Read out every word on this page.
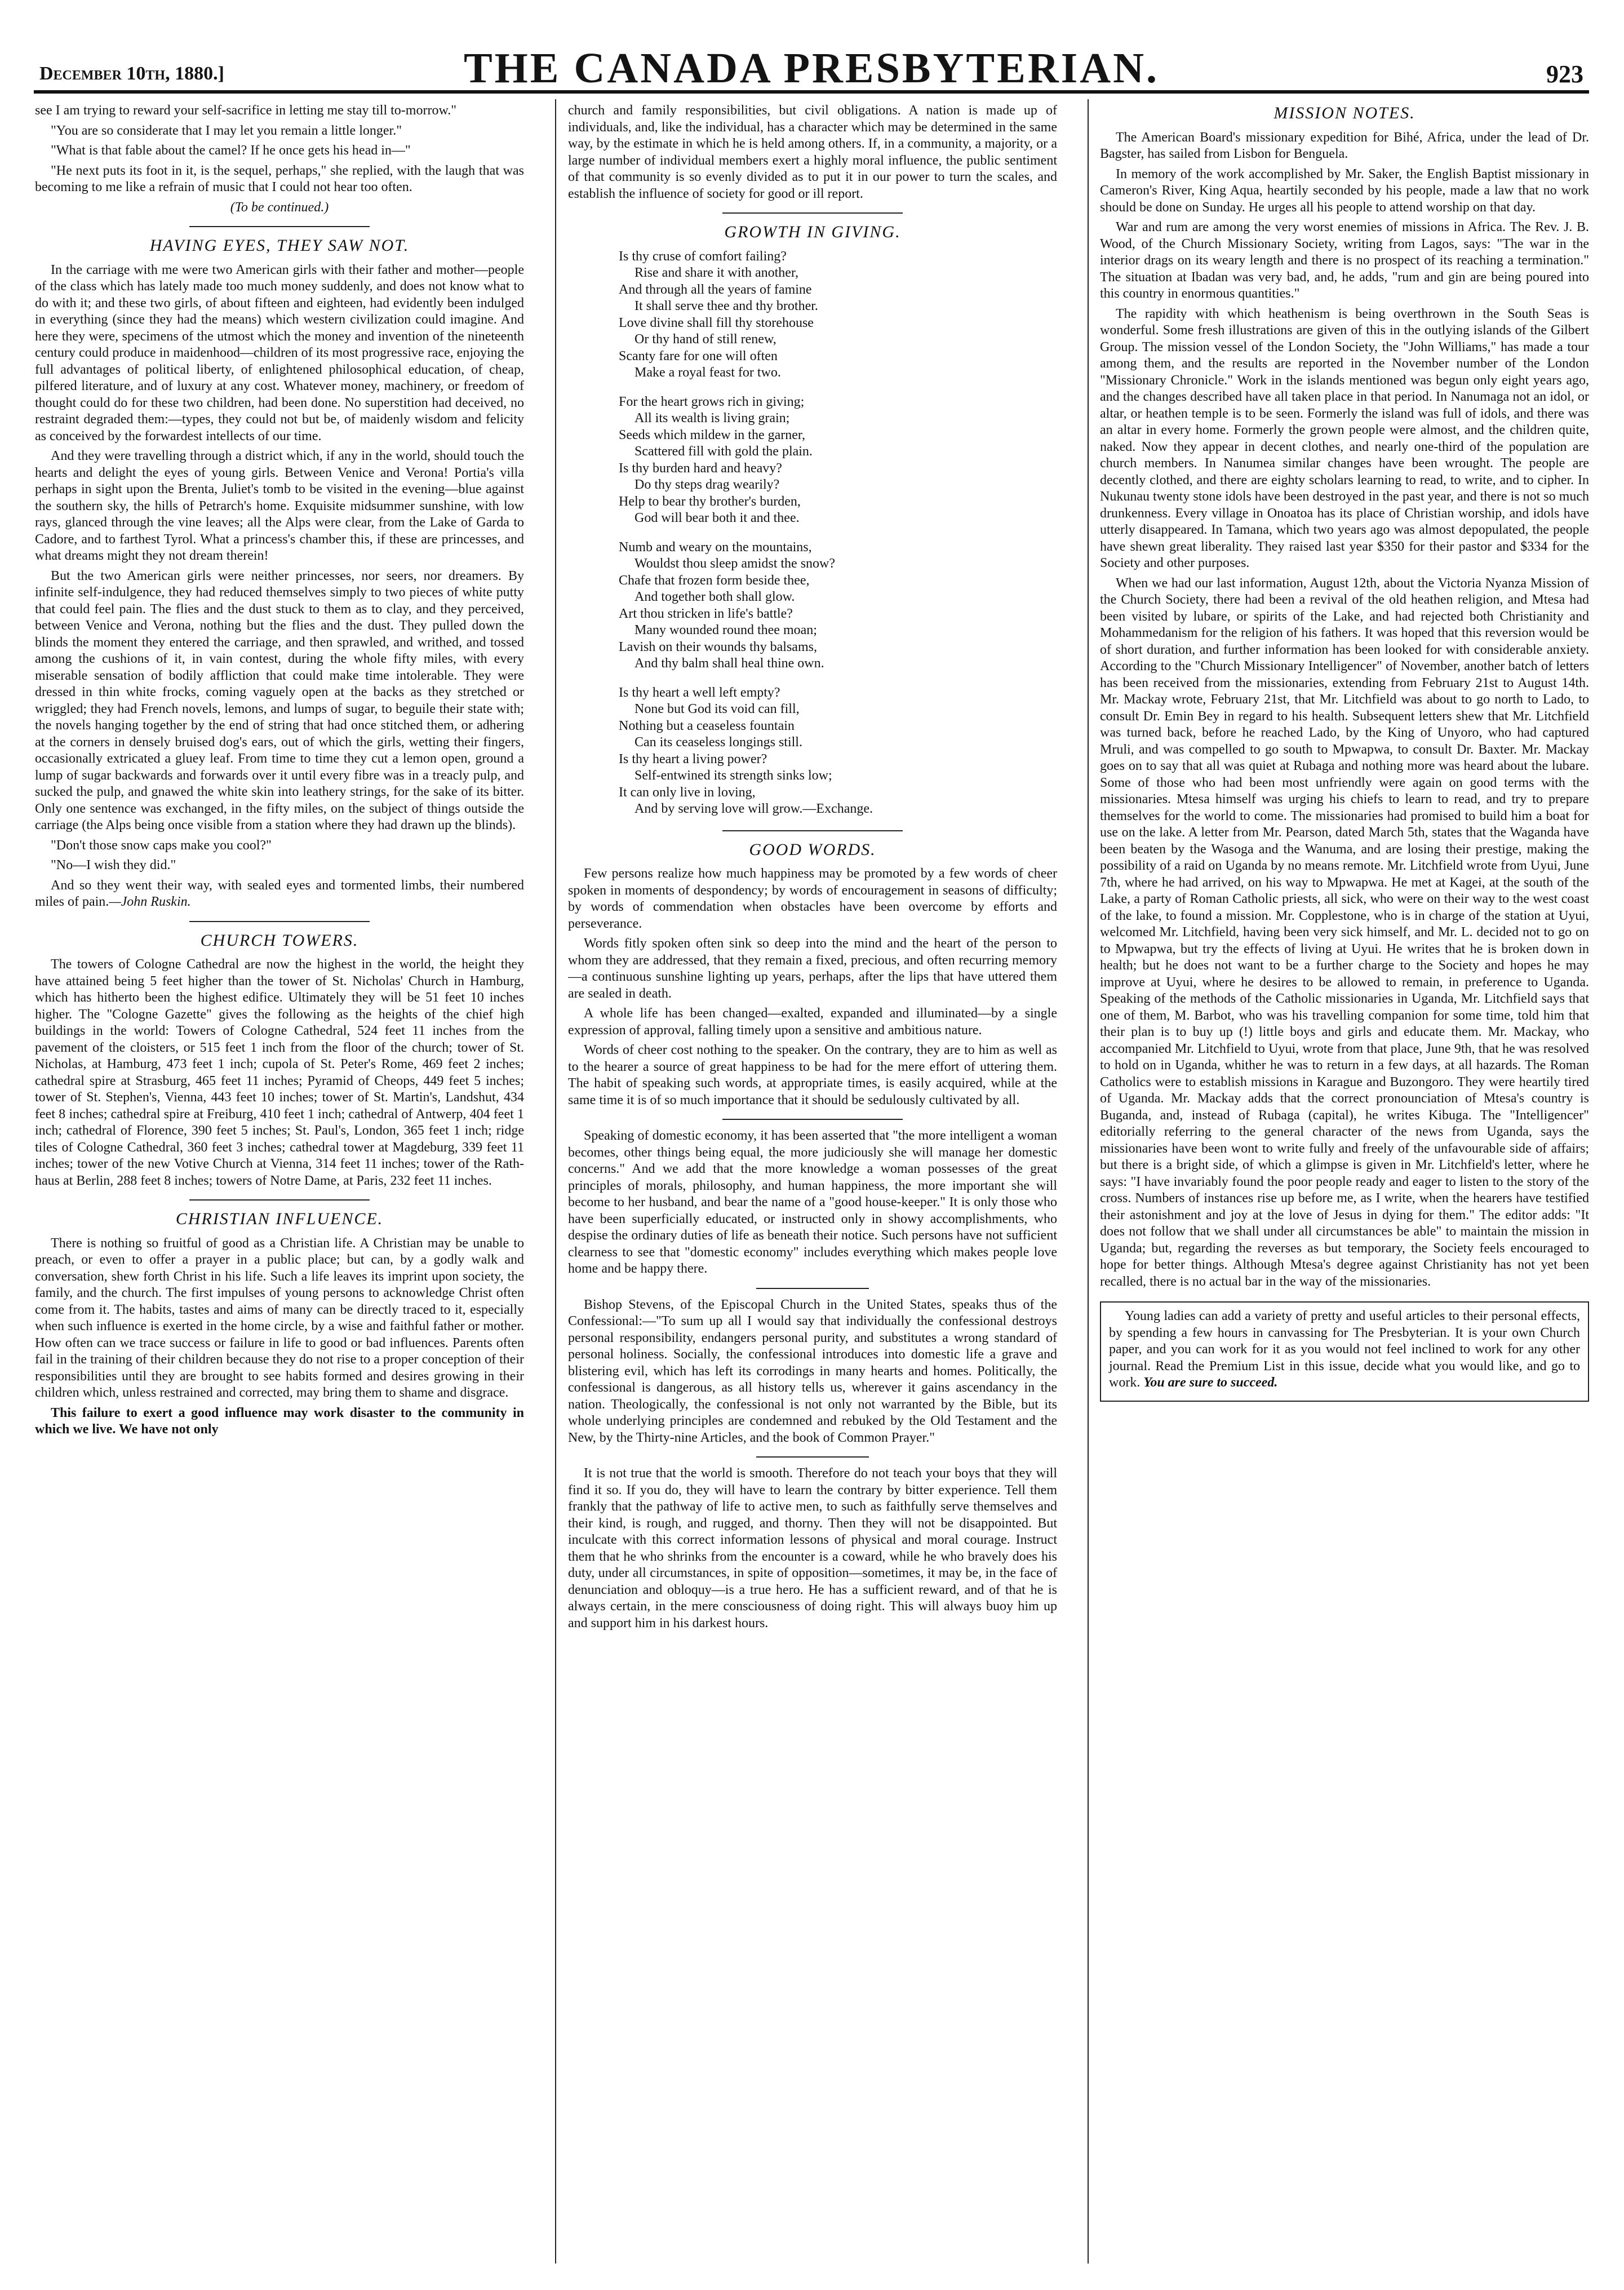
December 10th, 1880.]	THE CANADA PRESBYTERIAN.	923

see I am trying to reward your self-sacrifice in letting me stay till to-morrow."

"You are so considerate that I may let you remain a little longer."

"What is that fable about the camel? If he once gets his head in—"

"He next puts its foot in it, is the sequel, perhaps," she replied, with the laugh that was becoming to me like a refrain of music that I could not hear too often.

(To be continued.)
HAVING EYES, THEY SAW NOT.

In the carriage with me were two American girls with their father and mother—people of the class which has lately made too much money suddenly, and does not know what to do with it; and these two girls, of about fifteen and eighteen, had evidently been indulged in everything (since they had the means) which western civilization could imagine. And here they were, specimens of the utmost which the money and invention of the nineteenth century could produce in maidenhood—children of its most progressive race, enjoying the full advantages of political liberty, of enlightened philosophical education, of cheap, pilfered literature, and of luxury at any cost. Whatever money, machinery, or freedom of thought could do for these two children, had been done. No superstition had deceived, no restraint degraded them:—types, they could not but be, of maidenly wisdom and felicity as conceived by the forwardest intellects of our time.

And they were travelling through a district which, if any in the world, should touch the hearts and delight the eyes of young girls. Between Venice and Verona! Portia's villa perhaps in sight upon the Brenta, Juliet's tomb to be visited in the evening—blue against the southern sky, the hills of Petrarch's home. Exquisite midsummer sunshine, with low rays, glanced through the vine leaves; all the Alps were clear, from the Lake of Garda to Cadore, and to farthest Tyrol. What a princess's chamber this, if these are princesses, and what dreams might they not dream therein!

But the two American girls were neither princesses, nor seers, nor dreamers. By infinite self-indulgence, they had reduced themselves simply to two pieces of white putty that could feel pain. The flies and the dust stuck to them as to clay, and they perceived, between Venice and Verona, nothing but the flies and the dust. They pulled down the blinds the moment they entered the carriage, and then sprawled, and writhed, and tossed among the cushions of it, in vain contest, during the whole fifty miles, with every miserable sensation of bodily affliction that could make time intolerable. They were dressed in thin white frocks, coming vaguely open at the backs as they stretched or wriggled; they had French novels, lemons, and lumps of sugar, to beguile their state with; the novels hanging together by the end of string that had once stitched them, or adhering at the corners in densely bruised dog's ears, out of which the girls, wetting their fingers, occasionally extricated a gluey leaf. From time to time they cut a lemon open, ground a lump of sugar backwards and forwards over it until every fibre was in a treacly pulp, and sucked the pulp, and gnawed the white skin into leathery strings, for the sake of its bitter. Only one sentence was exchanged, in the fifty miles, on the subject of things outside the carriage (the Alps being once visible from a station where they had drawn up the blinds).

"Don't those snow caps make you cool?"

"No—I wish they did."

And so they went their way, with sealed eyes and tormented limbs, their numbered miles of pain.—John Ruskin.

CHURCH TOWERS.

The towers of Cologne Cathedral are now the highest in the world, the height they have attained being 5 feet higher than the tower of St. Nicholas' Church in Hamburg, which has hitherto been the highest edifice. Ultimately they will be 51 feet 10 inches higher. The "Cologne Gazette" gives the following as the heights of the chief high buildings in the world: Towers of Cologne Cathedral, 524 feet 11 inches from the pavement of the cloisters, or 515 feet 1 inch from the floor of the church; tower of St. Nicholas, at Hamburg, 473 feet 1 inch; cupola of St. Peter's Rome, 469 feet 2 inches; cathedral spire at Strasburg, 465 feet 11 inches; Pyramid of Cheops, 449 feet 5 inches; tower of St. Stephen's, Vienna, 443 feet 10 inches; tower of St. Martin's, Landshut, 434 feet 8 inches; cathedral spire at Freiburg, 410 feet 1 inch; cathedral of Antwerp, 404 feet 1 inch; cathedral of Florence, 390 feet 5 inches; St. Paul's, London, 365 feet 1 inch; ridge tiles of Cologne Cathedral, 360 feet 3 inches; cathedral tower at Magdeburg, 339 feet 11 inches; tower of the new Votive Church at Vienna, 314 feet 11 inches; tower of the Rath-haus at Berlin, 288 feet 8 inches; towers of Notre Dame, at Paris, 232 feet 11 inches.

CHRISTIAN INFLUENCE.

There is nothing so fruitful of good as a Christian life. A Christian may be unable to preach, or even to offer a prayer in a public place; but can, by a godly walk and conversation, shew forth Christ in his life. Such a life leaves its imprint upon society, the family, and the church. The first impulses of young persons to acknowledge Christ often come from it. The habits, tastes and aims of many can be directly traced to it, especially when such influence is exerted in the home circle, by a wise and faithful father or mother. How often can we trace success or failure in life to good or bad influences. Parents often fail in the training of their children because they do not rise to a proper conception of their responsibilities until they are brought to see habits formed and desires growing in their children which, unless restrained and corrected, may bring them to shame and disgrace.

This failure to exert a good influence may work disaster to the community in which we live. We have not only

church and family responsibilities, but civil obligations. A nation is made up of individuals, and, like the individual, has a character which may be determined in the same way, by the estimate in which he is held among others. If, in a community, a majority, or a large number of individual members exert a highly moral influence, the public sentiment of that community is so evenly divided as to put it in our power to turn the scales, and establish the influence of society for good or ill report.

GROWTH IN GIVING.
Is thy cruse of comfort failing?
Rise and share it with another,
And through all the years of famine
It shall serve thee and thy brother.
Love divine shall fill thy storehouse
Or thy hand of still renew,
Scanty fare for one will often
Make a royal feast for two.
For the heart grows rich in giving;
All its wealth is living grain;
Seeds which mildew in the garner,
Scattered fill with gold the plain.
Is thy burden hard and heavy?
Do thy steps drag wearily?
Help to bear thy brother's burden,
God will bear both it and thee.
Numb and weary on the mountains,
Wouldst thou sleep amidst the snow?
Chafe that frozen form beside thee,
And together both shall glow.
Art thou stricken in life's battle?
Many wounded round thee moan;
Lavish on their wounds thy balsams,
And thy balm shall heal thine own.
Is thy heart a well left empty?
None but God its void can fill,
Nothing but a ceaseless fountain
Can its ceaseless longings still.
Is thy heart a living power?
Self-entwined its strength sinks low;
It can only live in loving,
And by serving love will grow.—Exchange.
GOOD WORDS.

Few persons realize how much happiness may be promoted by a few words of cheer spoken in moments of despondency; by words of encouragement in seasons of difficulty; by words of commendation when obstacles have been overcome by efforts and perseverance.

Words fitly spoken often sink so deep into the mind and the heart of the person to whom they are addressed, that they remain a fixed, precious, and often recurring memory—a continuous sunshine lighting up years, perhaps, after the lips that have uttered them are sealed in death.

A whole life has been changed—exalted, expanded and illuminated—by a single expression of approval, falling timely upon a sensitive and ambitious nature.

Words of cheer cost nothing to the speaker. On the contrary, they are to him as well as to the hearer a source of great happiness to be had for the mere effort of uttering them. The habit of speaking such words, at appropriate times, is easily acquired, while at the same time it is of so much importance that it should be sedulously cultivated by all.

Speaking of domestic economy, it has been asserted that "the more intelligent a woman becomes, other things being equal, the more judiciously she will manage her domestic concerns." And we add that the more knowledge a woman possesses of the great principles of morals, philosophy, and human happiness, the more important she will become to her husband, and bear the name of a "good house-keeper." It is only those who have been superficially educated, or instructed only in showy accomplishments, who despise the ordinary duties of life as beneath their notice. Such persons have not sufficient clearness to see that "domestic economy" includes everything which makes people love home and be happy there.

Bishop Stevens, of the Episcopal Church in the United States, speaks thus of the Confessional:—"To sum up all I would say that individually the confessional destroys personal responsibility, endangers personal purity, and substitutes a wrong standard of personal holiness. Socially, the confessional introduces into domestic life a grave and blistering evil, which has left its corrodings in many hearts and homes. Politically, the confessional is dangerous, as all history tells us, wherever it gains ascendancy in the nation. Theologically, the confessional is not only not warranted by the Bible, but its whole underlying principles are condemned and rebuked by the Old Testament and the New, by the Thirty-nine Articles, and the book of Common Prayer."

It is not true that the world is smooth. Therefore do not teach your boys that they will find it so. If you do, they will have to learn the contrary by bitter experience. Tell them frankly that the pathway of life to active men, to such as faithfully serve themselves and their kind, is rough, and rugged, and thorny. Then they will not be disappointed. But inculcate with this correct information lessons of physical and moral courage. Instruct them that he who shrinks from the encounter is a coward, while he who bravely does his duty, under all circumstances, in spite of opposition—sometimes, it may be, in the face of denunciation and obloquy—is a true hero. He has a sufficient reward, and of that he is always certain, in the mere consciousness of doing right. This will always buoy him up and support him in his darkest hours.

MISSION NOTES.

The American Board's missionary expedition for Bihé, Africa, under the lead of Dr. Bagster, has sailed from Lisbon for Benguela.

In memory of the work accomplished by Mr. Saker, the English Baptist missionary in Cameron's River, King Aqua, heartily seconded by his people, made a law that no work should be done on Sunday. He urges all his people to attend worship on that day.

War and rum are among the very worst enemies of missions in Africa. The Rev. J. B. Wood, of the Church Missionary Society, writing from Lagos, says: "The war in the interior drags on its weary length and there is no prospect of its reaching a termination." The situation at Ibadan was very bad, and, he adds, "rum and gin are being poured into this country in enormous quantities."

The rapidity with which heathenism is being overthrown in the South Seas is wonderful. Some fresh illustrations are given of this in the outlying islands of the Gilbert Group. The mission vessel of the London Society, the "John Williams," has made a tour among them, and the results are reported in the November number of the London "Missionary Chronicle." Work in the islands mentioned was begun only eight years ago, and the changes described have all taken place in that period. In Nanumaga not an idol, or altar, or heathen temple is to be seen. Formerly the island was full of idols, and there was an altar in every home. Formerly the grown people were almost, and the children quite, naked. Now they appear in decent clothes, and nearly one-third of the population are church members. In Nanumea similar changes have been wrought. The people are decently clothed, and there are eighty scholars learning to read, to write, and to cipher. In Nukunau twenty stone idols have been destroyed in the past year, and there is not so much drunkenness. Every village in Onoatoa has its place of Christian worship, and idols have utterly disappeared. In Tamana, which two years ago was almost depopulated, the people have shewn great liberality. They raised last year $350 for their pastor and $334 for the Society and other purposes.

When we had our last information, August 12th, about the Victoria Nyanza Mission of the Church Society, there had been a revival of the old heathen religion, and Mtesa had been visited by lubare, or spirits of the Lake, and had rejected both Christianity and Mohammedanism for the religion of his fathers. It was hoped that this reversion would be of short duration, and further information has been looked for with considerable anxiety. According to the "Church Missionary Intelligencer" of November, another batch of letters has been received from the missionaries, extending from February 21st to August 14th. Mr. Mackay wrote, February 21st, that Mr. Litchfield was about to go north to Lado, to consult Dr. Emin Bey in regard to his health. Subsequent letters shew that Mr. Litchfield was turned back, before he reached Lado, by the King of Unyoro, who had captured Mruli, and was compelled to go south to Mpwapwa, to consult Dr. Baxter. Mr. Mackay goes on to say that all was quiet at Rubaga and nothing more was heard about the lubare. Some of those who had been most unfriendly were again on good terms with the missionaries. Mtesa himself was urging his chiefs to learn to read, and try to prepare themselves for the world to come. The missionaries had promised to build him a boat for use on the lake. A letter from Mr. Pearson, dated March 5th, states that the Waganda have been beaten by the Wasoga and the Wanuma, and are losing their prestige, making the possibility of a raid on Uganda by no means remote. Mr. Litchfield wrote from Uyui, June 7th, where he had arrived, on his way to Mpwapwa. He met at Kagei, at the south of the Lake, a party of Roman Catholic priests, all sick, who were on their way to the west coast of the lake, to found a mission. Mr. Copplestone, who is in charge of the station at Uyui, welcomed Mr. Litchfield, having been very sick himself, and Mr. L. decided not to go on to Mpwapwa, but try the effects of living at Uyui. He writes that he is broken down in health; but he does not want to be a further charge to the Society and hopes he may improve at Uyui, where he desires to be allowed to remain, in preference to Uganda. Speaking of the methods of the Catholic missionaries in Uganda, Mr. Litchfield says that one of them, M. Barbot, who was his travelling companion for some time, told him that their plan is to buy up (!) little boys and girls and educate them. Mr. Mackay, who accompanied Mr. Litchfield to Uyui, wrote from that place, June 9th, that he was resolved to hold on in Uganda, whither he was to return in a few days, at all hazards. The Roman Catholics were to establish missions in Karague and Buzongoro. They were heartily tired of Uganda. Mr. Mackay adds that the correct pronounciation of Mtesa's country is Buganda, and, instead of Rubaga (capital), he writes Kibuga. The "Intelligencer" editorially referring to the general character of the news from Uganda, says the missionaries have been wont to write fully and freely of the unfavourable side of affairs; but there is a bright side, of which a glimpse is given in Mr. Litchfield's letter, where he says: "I have invariably found the poor people ready and eager to listen to the story of the cross. Numbers of instances rise up before me, as I write, when the hearers have testified their astonishment and joy at the love of Jesus in dying for them." The editor adds: "It does not follow that we shall under all circumstances be able" to maintain the mission in Uganda; but, regarding the reverses as but temporary, the Society feels encouraged to hope for better things. Although Mtesa's degree against Christianity has not yet been recalled, there is no actual bar in the way of the missionaries.

Young ladies can add a variety of pretty and useful articles to their personal effects, by spending a few hours in canvassing for The Presbyterian. It is your own Church paper, and you can work for it as you would not feel inclined to work for any other journal. Read the Premium List in this issue, decide what you would like, and go to work. You are sure to succeed.
